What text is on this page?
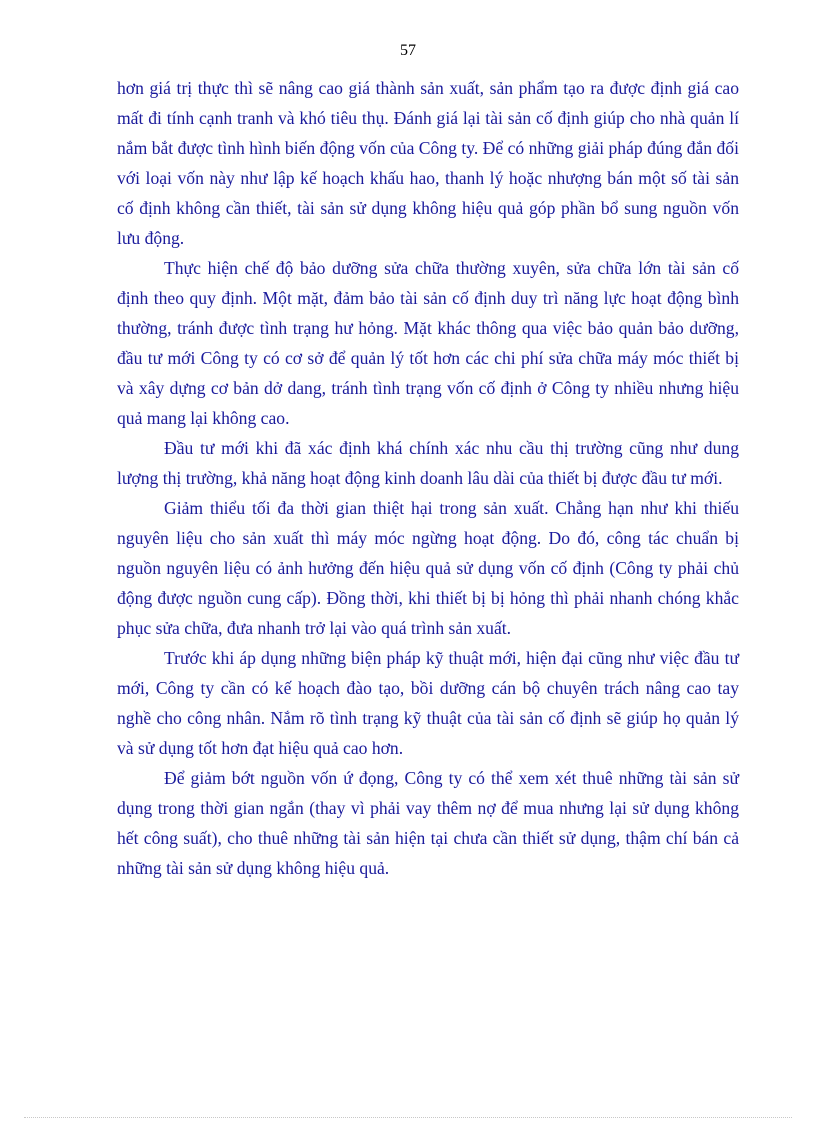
57

hơn giá trị thực thì sẽ nâng cao giá thành sản xuất, sản phẩm tạo ra được định giá cao mất đi tính cạnh tranh và khó tiêu thụ. Đánh giá lại tài sản cố định giúp cho nhà quản lí nắm bắt được tình hình biến động vốn của Công ty. Để có những giải pháp đúng đắn đối với loại vốn này như lập kế hoạch khấu hao, thanh lý hoặc nhượng bán một số tài sản cố định không cần thiết, tài sản sử dụng không hiệu quả góp phần bổ sung nguồn vốn lưu động.

Thực hiện chế độ bảo dưỡng sửa chữa thường xuyên, sửa chữa lớn tài sản cố định theo quy định. Một mặt, đảm bảo tài sản cố định duy trì năng lực hoạt động bình thường, tránh được tình trạng hư hỏng. Mặt khác thông qua việc bảo quản bảo dưỡng, đầu tư mới Công ty có cơ sở để quản lý tốt hơn các chi phí sửa chữa máy móc thiết bị và xây dựng cơ bản dở dang, tránh tình trạng vốn cố định ở Công ty nhiều nhưng hiệu quả mang lại không cao.

Đầu tư mới khi đã xác định khá chính xác nhu cầu thị trường cũng như dung lượng thị trường, khả năng hoạt động kinh doanh lâu dài của thiết bị được đầu tư mới.

Giảm thiểu tối đa thời gian thiệt hại trong sản xuất. Chẳng hạn như khi thiếu nguyên liệu cho sản xuất thì máy móc ngừng hoạt động. Do đó, công tác chuẩn bị nguồn nguyên liệu có ảnh hưởng đến hiệu quả sử dụng vốn cố định (Công ty phải chủ động được nguồn cung cấp). Đồng thời, khi thiết bị bị hỏng thì phải nhanh chóng khắc phục sửa chữa, đưa nhanh trở lại vào quá trình sản xuất.

Trước khi áp dụng những biện pháp kỹ thuật mới, hiện đại cũng như việc đầu tư mới, Công ty cần có kế hoạch đào tạo, bồi dưỡng cán bộ chuyên trách nâng cao tay nghề cho công nhân. Nắm rõ tình trạng kỹ thuật của tài sản cố định sẽ giúp họ quản lý và sử dụng tốt hơn đạt hiệu quả cao hơn.

Để giảm bớt nguồn vốn ứ đọng, Công ty có thể xem xét thuê những tài sản sử dụng trong thời gian ngắn (thay vì phải vay thêm nợ để mua nhưng lại sử dụng không hết công suất), cho thuê những tài sản hiện tại chưa cần thiết sử dụng, thậm chí bán cả những tài sản sử dụng không hiệu quả.
